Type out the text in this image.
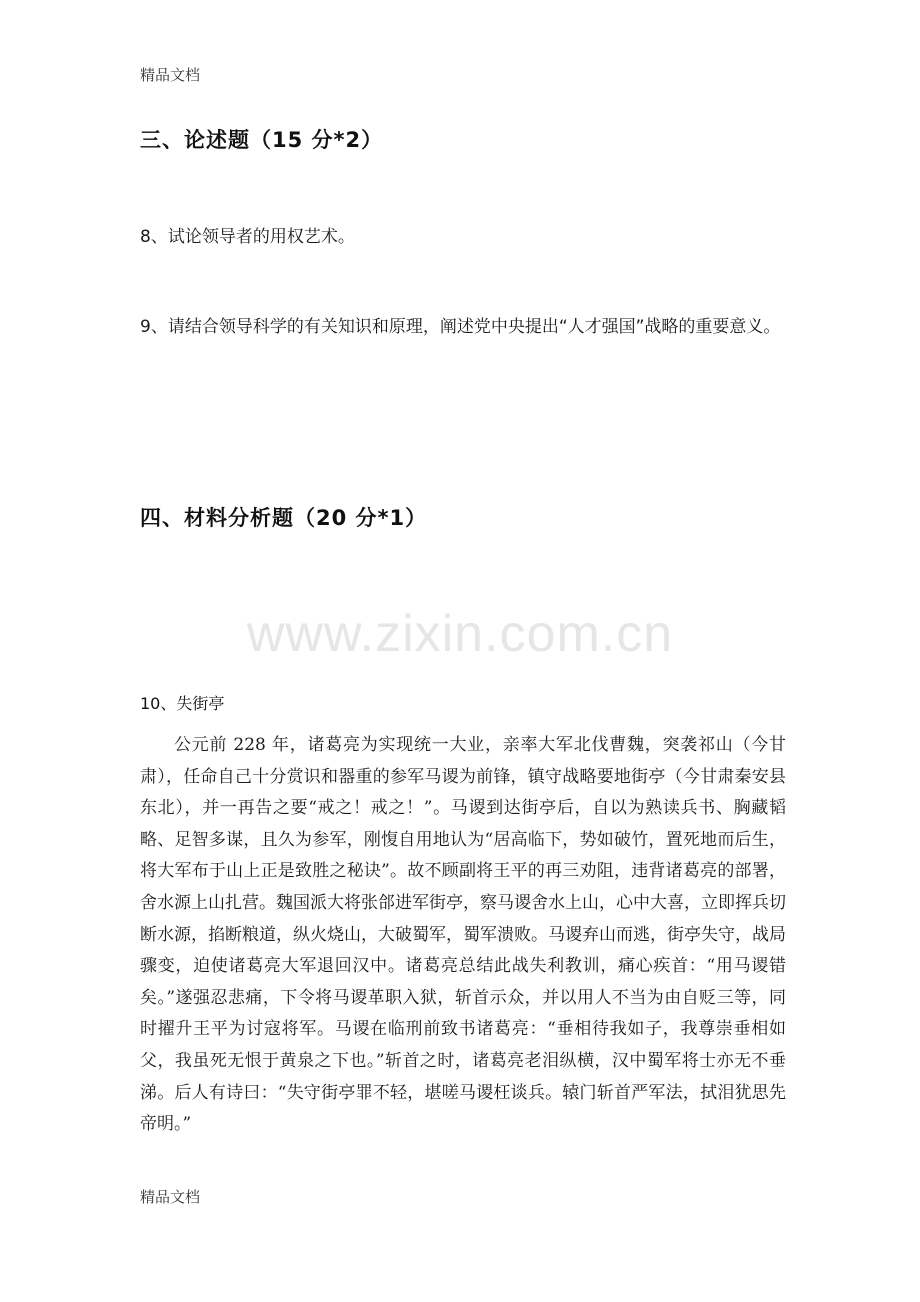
精品文档
三、论述题（15 分*2）
8、试论领导者的用权艺术。
9、请结合领导科学的有关知识和原理，阐述党中央提出“人才强国”战略的重要意义。
四、材料分析题（20 分*1）
www.zixin.com.cn
10、失街亭
公元前 228 年，诸葛亮为实现统一大业，亲率大军北伐曹魏，突袭祁山（今甘肃），任命自己十分赏识和器重的参军马谡为前锋，镇守战略要地街亭（今甘肃秦安县东北），并一再告之要“戒之！戒之！”。马谡到达街亭后，自以为熟读兵书、胸藏韬略、足智多谋，且久为参军，刚愎自用地认为“居高临下，势如破竹，置死地而后生，将大军布于山上正是致胜之秘诀”。故不顾副将王平的再三劝阻，违背诸葛亮的部署，舍水源上山扎营。魏国派大将张郃进军街亭，察马谡舍水上山，心中大喜，立即挥兵切断水源，掐断粮道，纵火烧山，大破蜀军，蜀军溃败。马谡弃山而逃，街亭失守，战局骤变，迫使诸葛亮大军退回汉中。诸葛亮总结此战失利教训，痛心疾首：“用马谡错矣。”遂强忍悲痛，下令将马谡革职入狱，斩首示众，并以用人不当为由自贬三等，同时擢升王平为讨寇将军。马谡在临刑前致书诸葛亮：“垂相待我如子，我尊崇垂相如父，我虽死无恨于黄泉之下也。”斩首之时，诸葛亮老泪纵横，汉中蜀军将士亦无不垂涕。后人有诗曰：“失守街亭罪不轻，堪嗟马谡枉谈兵。辕门斩首严军法，拭泪犹思先帝明。”
精品文档
